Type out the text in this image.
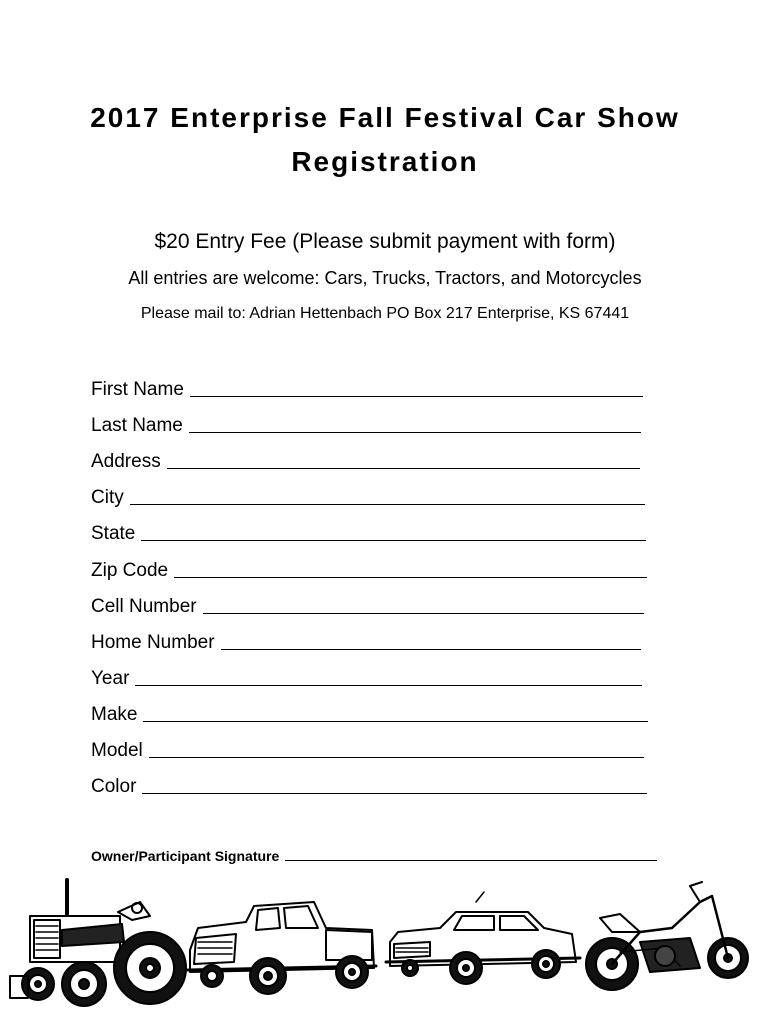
2017 Enterprise Fall Festival Car Show
Registration
$20 Entry Fee (Please submit payment with form)
All entries are welcome: Cars, Trucks, Tractors, and Motorcycles
Please mail to: Adrian Hettenbach PO Box 217 Enterprise, KS 67441
First Name
Last Name
Address
City
State
Zip Code
Cell Number
Home Number
Year
Make
Model
Color
Owner/Participant Signature
